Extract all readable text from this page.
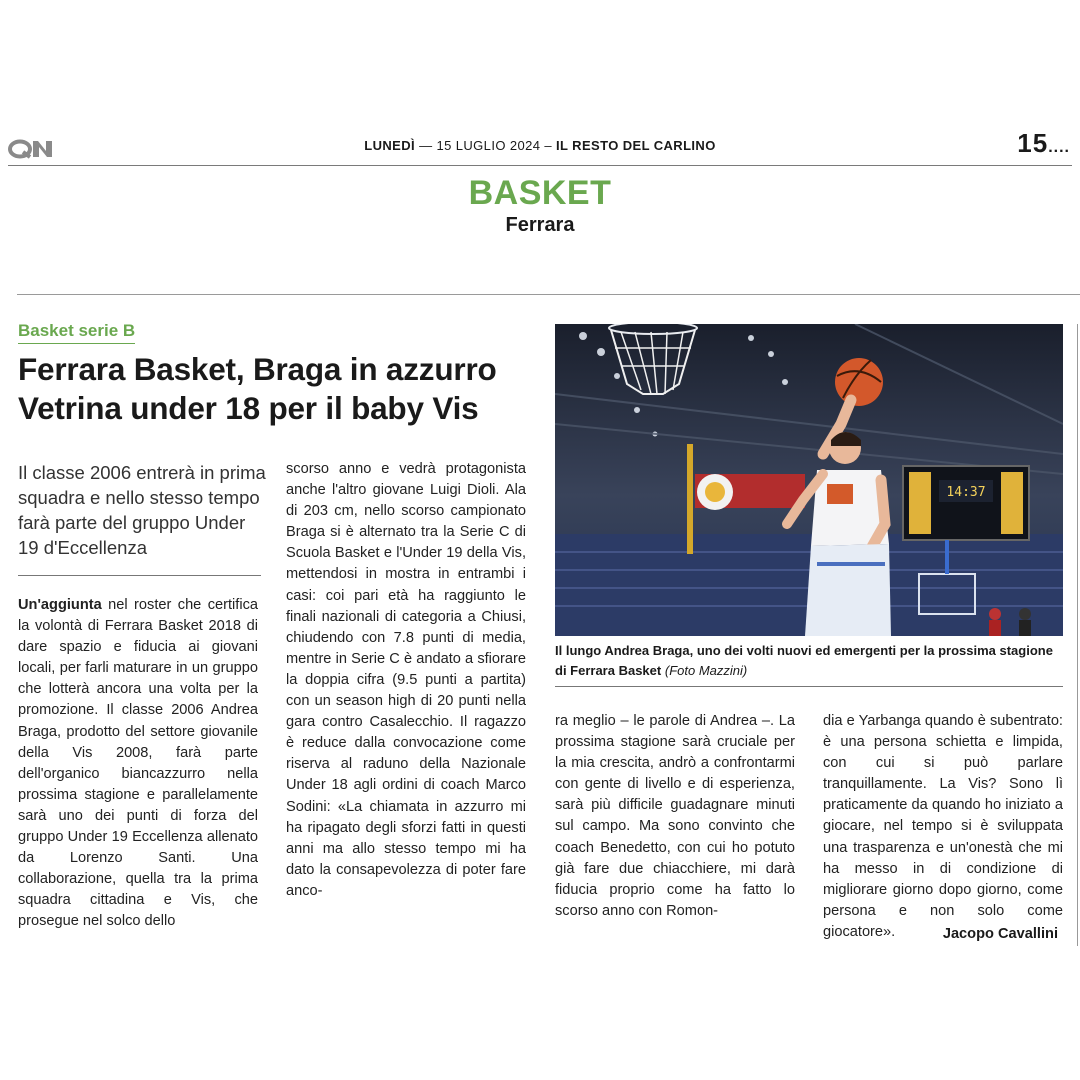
LUNEDÌ — 15 LUGLIO 2024 – IL RESTO DEL CARLINO	15....
BASKET
Ferrara
Basket serie B
Ferrara Basket, Braga in azzurro
Vetrina under 18 per il baby Vis
Il classe 2006 entrerà in prima squadra e nello stesso tempo farà parte del gruppo Under 19 d'Eccellenza
Un'aggiunta nel roster che certifica la volontà di Ferrara Basket 2018 di dare spazio e fiducia ai giovani locali, per farli maturare in un gruppo che lotterà ancora una volta per la promozione. Il classe 2006 Andrea Braga, prodotto del settore giovanile della Vis 2008, farà parte dell'organico biancazzurro nella prossima stagione e parallelamente sarà uno dei punti di forza del gruppo Under 19 Eccellenza allenato da Lorenzo Santi. Una collaborazione, quella tra la prima squadra cittadina e Vis, che prosegue nel solco dello
scorso anno e vedrà protagonista anche l'altro giovane Luigi Dioli. Ala di 203 cm, nello scorso campionato Braga si è alternato tra la Serie C di Scuola Basket e l'Under 19 della Vis, mettendosi in mostra in entrambi i casi: coi pari età ha raggiunto le finali nazionali di categoria a Chiusi, chiudendo con 7.8 punti di media, mentre in Serie C è andato a sfiorare la doppia cifra (9.5 punti a partita) con un season high di 20 punti nella gara contro Casalecchio. Il ragazzo è reduce dalla convocazione come riserva al raduno della Nazionale Under 18 agli ordini di coach Marco Sodini: «La chiamata in azzurro mi ha ripagato degli sforzi fatti in questi anni ma allo stesso tempo mi ha dato la consapevolezza di poter fare anco-
14:37
Il lungo Andrea Braga, uno dei volti nuovi ed emergenti per la prossima stagione di Ferrara Basket (Foto Mazzini)
ra meglio – le parole di Andrea –. La prossima stagione sarà cruciale per la mia crescita, andrò a confrontarmi con gente di livello e di esperienza, sarà più difficile guadagnare minuti sul campo. Ma sono convinto che coach Benedetto, con cui ho potuto già fare due chiacchiere, mi darà fiducia proprio come ha fatto lo scorso anno con Romon-
dia e Yarbanga quando è subentrato: è una persona schietta e limpida, con cui si può parlare tranquillamente. La Vis? Sono lì praticamente da quando ho iniziato a giocare, nel tempo si è sviluppata una trasparenza e un'onestà che mi ha messo in di condizione di migliorare giorno dopo giorno, come persona e non solo come giocatore».	Jacopo Cavallini
